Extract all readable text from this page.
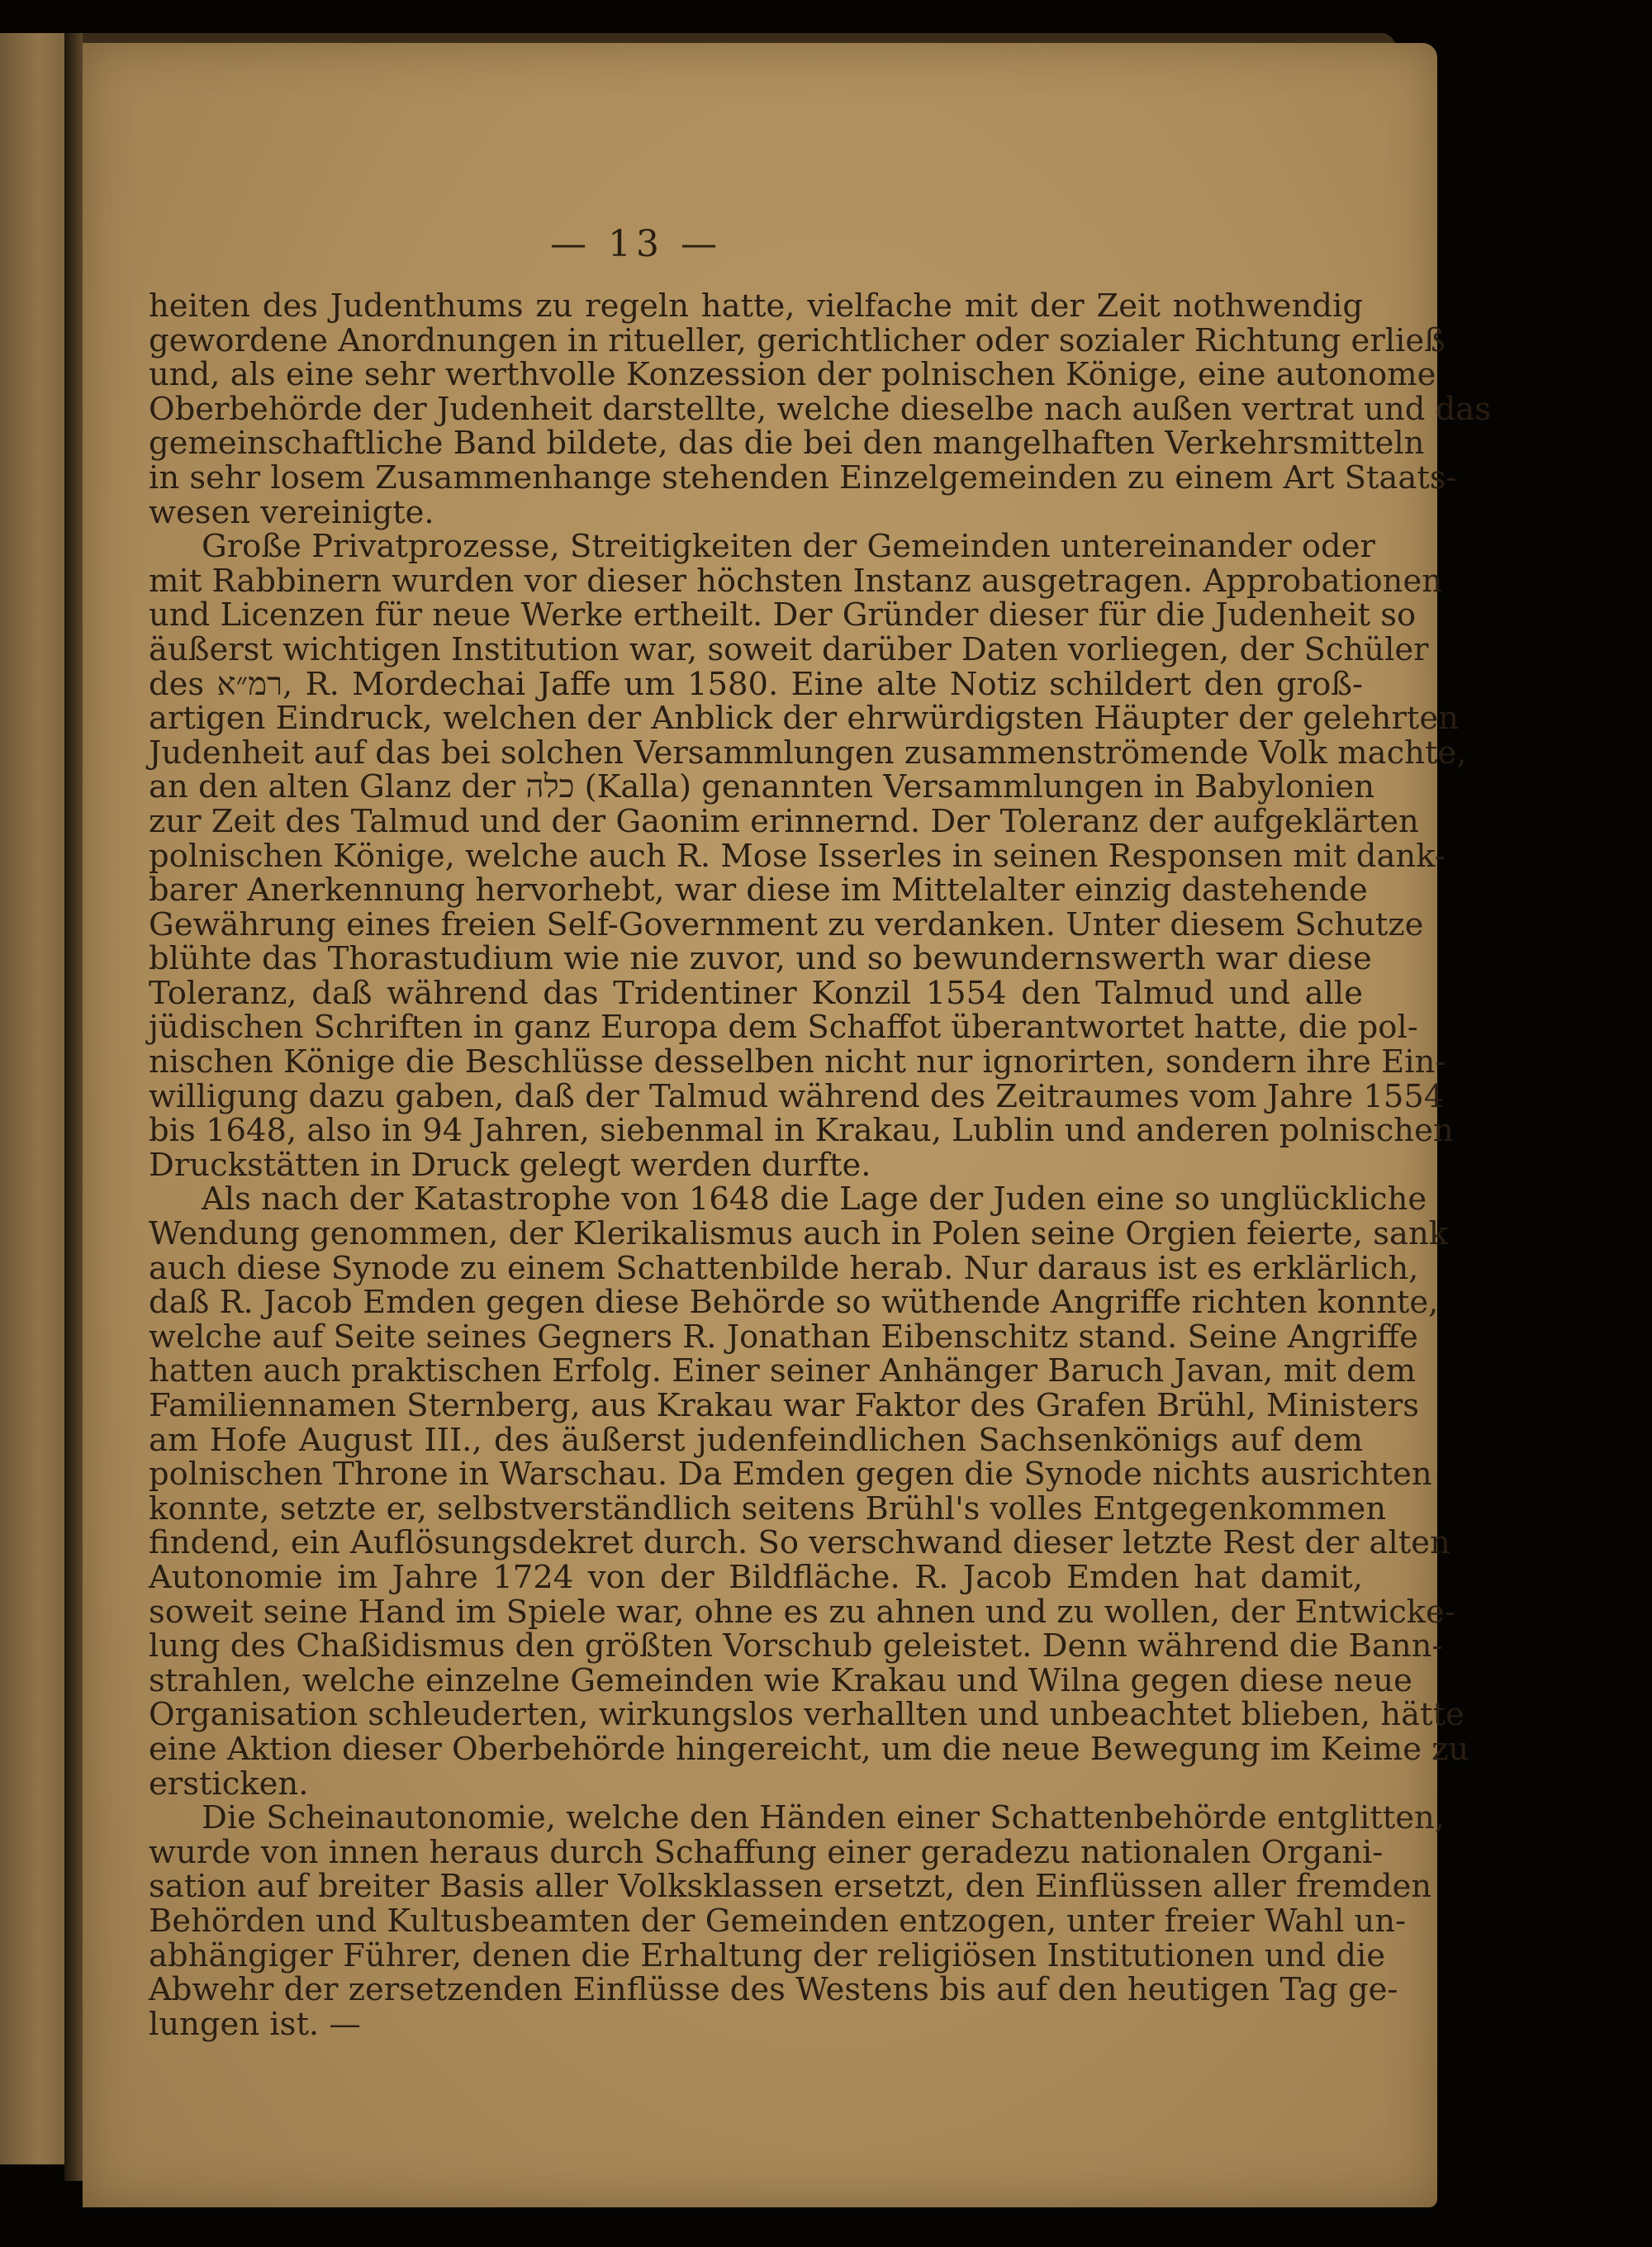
— 13 —
heiten des Judenthums zu regeln hatte, vielfache mit der Zeit nothwendig
gewordene Anordnungen in ritueller, gerichtlicher oder sozialer Richtung erließ
und, als eine sehr werthvolle Konzession der polnischen Könige, eine autonome
Oberbehörde der Judenheit darstellte, welche dieselbe nach außen vertrat und das
gemeinschaftliche Band bildete, das die bei den mangelhaften Verkehrsmitteln
in sehr losem Zusammenhange stehenden Einzelgemeinden zu einem Art Staats-
wesen vereinigte.
Große Privatprozesse, Streitigkeiten der Gemeinden untereinander oder
mit Rabbinern wurden vor dieser höchsten Instanz ausgetragen. Approbationen
und Licenzen für neue Werke ertheilt. Der Gründer dieser für die Judenheit so
äußerst wichtigen Institution war, soweit darüber Daten vorliegen, der Schüler
des רמ״א, R. Mordechai Jaffe um 1580. Eine alte Notiz schildert den groß-
artigen Eindruck, welchen der Anblick der ehrwürdigsten Häupter der gelehrten
Judenheit auf das bei solchen Versammlungen zusammenströmende Volk machte,
an den alten Glanz der כלה (Kalla) genannten Versammlungen in Babylonien
zur Zeit des Talmud und der Gaonim erinnernd. Der Toleranz der aufgeklärten
polnischen Könige, welche auch R. Mose Isserles in seinen Responsen mit dank-
barer Anerkennung hervorhebt, war diese im Mittelalter einzig dastehende
Gewährung eines freien Self-Government zu verdanken. Unter diesem Schutze
blühte das Thorastudium wie nie zuvor, und so bewundernswerth war diese
Toleranz, daß während das Tridentiner Konzil 1554 den Talmud und alle
jüdischen Schriften in ganz Europa dem Schaffot überantwortet hatte, die pol-
nischen Könige die Beschlüsse desselben nicht nur ignorirten, sondern ihre Ein-
willigung dazu gaben, daß der Talmud während des Zeitraumes vom Jahre 1554
bis 1648, also in 94 Jahren, siebenmal in Krakau, Lublin und anderen polnischen
Druckstätten in Druck gelegt werden durfte.
Als nach der Katastrophe von 1648 die Lage der Juden eine so unglückliche
Wendung genommen, der Klerikalismus auch in Polen seine Orgien feierte, sank
auch diese Synode zu einem Schattenbilde herab. Nur daraus ist es erklärlich,
daß R. Jacob Emden gegen diese Behörde so wüthende Angriffe richten konnte,
welche auf Seite seines Gegners R. Jonathan Eibenschitz stand. Seine Angriffe
hatten auch praktischen Erfolg. Einer seiner Anhänger Baruch Javan, mit dem
Familiennamen Sternberg, aus Krakau war Faktor des Grafen Brühl, Ministers
am Hofe August III., des äußerst judenfeindlichen Sachsenkönigs auf dem
polnischen Throne in Warschau. Da Emden gegen die Synode nichts ausrichten
konnte, setzte er, selbstverständlich seitens Brühl's volles Entgegenkommen
findend, ein Auflösungsdekret durch. So verschwand dieser letzte Rest der alten
Autonomie im Jahre 1724 von der Bildfläche. R. Jacob Emden hat damit,
soweit seine Hand im Spiele war, ohne es zu ahnen und zu wollen, der Entwicke-
lung des Chaßidismus den größten Vorschub geleistet. Denn während die Bann-
strahlen, welche einzelne Gemeinden wie Krakau und Wilna gegen diese neue
Organisation schleuderten, wirkungslos verhallten und unbeachtet blieben, hätte
eine Aktion dieser Oberbehörde hingereicht, um die neue Bewegung im Keime zu
ersticken.
Die Scheinautonomie, welche den Händen einer Schattenbehörde entglitten,
wurde von innen heraus durch Schaffung einer geradezu nationalen Organi-
sation auf breiter Basis aller Volksklassen ersetzt, den Einflüssen aller fremden
Behörden und Kultusbeamten der Gemeinden entzogen, unter freier Wahl un-
abhängiger Führer, denen die Erhaltung der religiösen Institutionen und die
Abwehr der zersetzenden Einflüsse des Westens bis auf den heutigen Tag ge-
lungen ist. —
